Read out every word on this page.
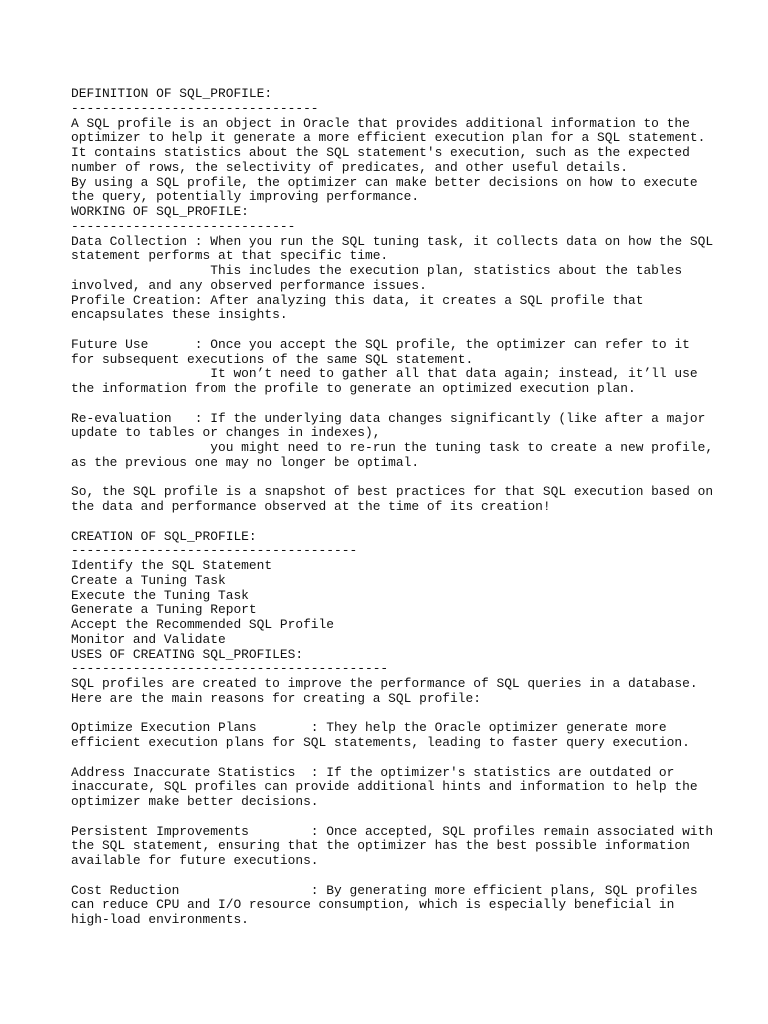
DEFINITION OF SQL_PROFILE:
--------------------------------
A SQL profile is an object in Oracle that provides additional information to the
optimizer to help it generate a more efficient execution plan for a SQL statement.
It contains statistics about the SQL statement's execution, such as the expected
number of rows, the selectivity of predicates, and other useful details.
By using a SQL profile, the optimizer can make better decisions on how to execute
the query, potentially improving performance.
WORKING OF SQL_PROFILE:
-----------------------------
Data Collection : When you run the SQL tuning task, it collects data on how the SQL
statement performs at that specific time.
This includes the execution plan, statistics about the tables
involved, and any observed performance issues.
Profile Creation: After analyzing this data, it creates a SQL profile that
encapsulates these insights.

Future Use      : Once you accept the SQL profile, the optimizer can refer to it
for subsequent executions of the same SQL statement.
It won’t need to gather all that data again; instead, it’ll use
the information from the profile to generate an optimized execution plan.

Re-evaluation   : If the underlying data changes significantly (like after a major
update to tables or changes in indexes),
you might need to re-run the tuning task to create a new profile,
as the previous one may no longer be optimal.

So, the SQL profile is a snapshot of best practices for that SQL execution based on
the data and performance observed at the time of its creation!

CREATION OF SQL_PROFILE:
-------------------------------------
Identify the SQL Statement
Create a Tuning Task
Execute the Tuning Task
Generate a Tuning Report
Accept the Recommended SQL Profile
Monitor and Validate
USES OF CREATING SQL_PROFILES:
-----------------------------------------
SQL profiles are created to improve the performance of SQL queries in a database.
Here are the main reasons for creating a SQL profile:

Optimize Execution Plans       : They help the Oracle optimizer generate more
efficient execution plans for SQL statements, leading to faster query execution.

Address Inaccurate Statistics  : If the optimizer's statistics are outdated or
inaccurate, SQL profiles can provide additional hints and information to help the
optimizer make better decisions.

Persistent Improvements        : Once accepted, SQL profiles remain associated with
the SQL statement, ensuring that the optimizer has the best possible information
available for future executions.

Cost Reduction                 : By generating more efficient plans, SQL profiles
can reduce CPU and I/O resource consumption, which is especially beneficial in
high-load environments.
